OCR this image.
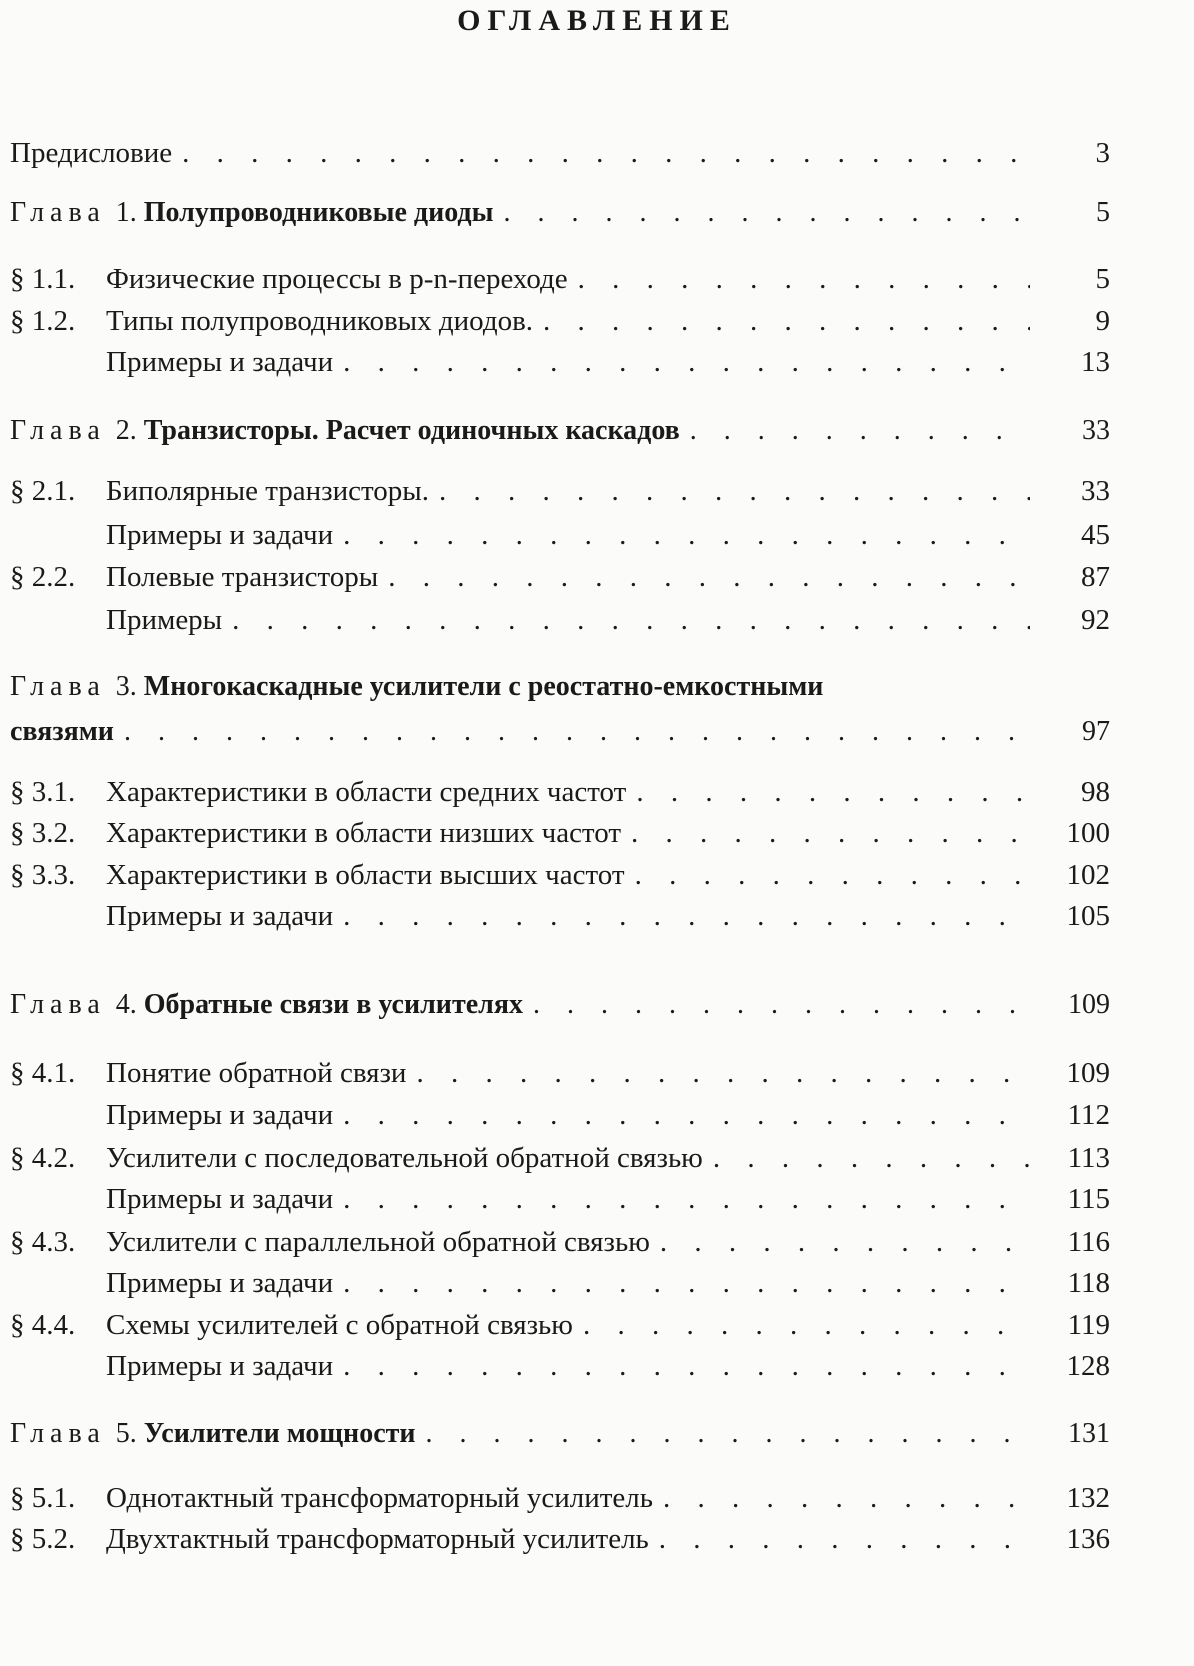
ОГЛАВЛЕНИЕ
Предисловие . . .	3
Глава 1. Полупроводниковые диоды . . .	5
§ 1.1.	Физические процессы в p-n-переходе . . .	5
§ 1.2.	Типы полупроводниковых диодов. . . .	9
Примеры и задачи . . .	13
Глава 2. Транзисторы. Расчет одиночных каскадов . . .	33
§ 2.1.	Биполярные транзисторы. . . .	33
Примеры и задачи . . .	45
§ 2.2.	Полевые транзисторы . . .	87
Примеры . . .	92
Глава 3. Многокаскадные усилители с реостатно-емкостными
связями . . .	97
§ 3.1.	Характеристики в области средних частот . . .	98
§ 3.2.	Характеристики в области низших частот . . .	100
§ 3.3.	Характеристики в области высших частот . . .	102
Примеры и задачи . . .	105
Глава 4. Обратные связи в усилителях . . .	109
§ 4.1.	Понятие обратной связи . . .	109
Примеры и задачи . . .	112
§ 4.2.	Усилители с последовательной обратной связью . . .	113
Примеры и задачи . . .	115
§ 4.3.	Усилители с параллельной обратной связью . . .	116
Примеры и задачи . . .	118
§ 4.4.	Схемы усилителей с обратной связью . . .	119
Примеры и задачи . . .	128
Глава 5. Усилители мощности . . .	131
§ 5.1.	Однотактный трансформаторный усилитель . . .	132
§ 5.2.	Двухтактный трансформаторный усилитель . . .	136
